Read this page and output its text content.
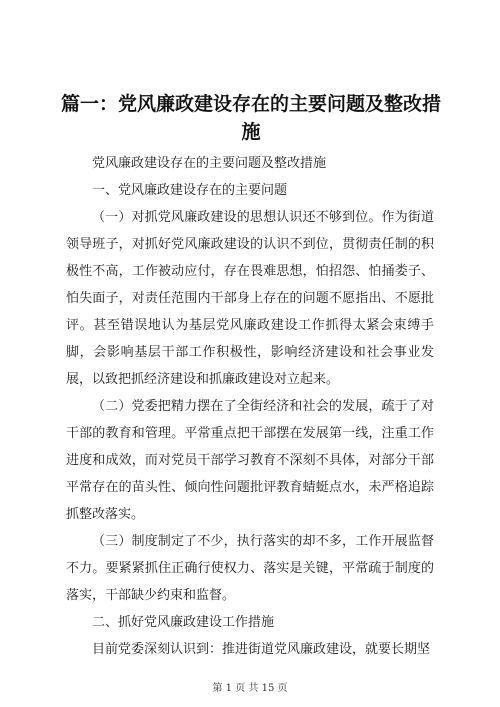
篇一：党风廉政建设存在的主要问题及整改措施

党风廉政建设存在的主要问题及整改措施

一、党风廉政建设存在的主要问题

（一）对抓党风廉政建设的思想认识还不够到位。作为街道领导班子，对抓好党风廉政建设的认识不到位，贯彻责任制的积极性不高，工作被动应付，存在畏难思想，怕招怨、怕捅娄子、怕失面子，对责任范围内干部身上存在的问题不愿指出、不愿批评。甚至错误地认为基层党风廉政建设工作抓得太紧会束缚手脚，会影响基层干部工作积极性，影响经济建设和社会事业发展，以致把抓经济建设和抓廉政建设对立起来。

（二）党委把精力摆在了全街经济和社会的发展，疏于了对干部的教育和管理。平常重点把干部摆在发展第一线，注重工作进度和成效，而对党员干部学习教育不深刻不具体，对部分干部平常存在的苗头性、倾向性问题批评教育蜻蜓点水，未严格追踪抓整改落实。

（三）制度制定了不少，执行落实的却不多，工作开展监督不力。要紧紧抓住正确行使权力、落实是关键，平常疏于制度的落实，干部缺少约束和监督。

二、抓好党风廉政建设工作措施

目前党委深刻认识到：推进街道党风廉政建设，就要长期坚

第 1 页 共 15 页
